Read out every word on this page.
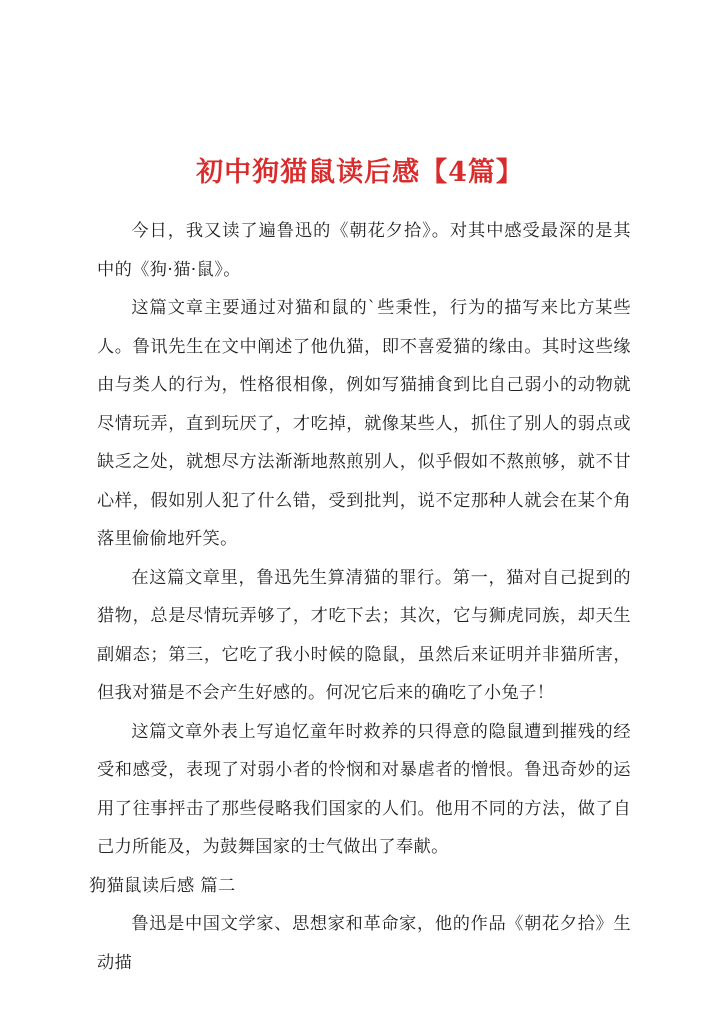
初中狗猫鼠读后感【4篇】

今日，我又读了遍鲁迅的《朝花夕拾》。对其中感受最深的是其中的《狗·猫·鼠》。

这篇文章主要通过对猫和鼠的`些秉性，行为的描写来比方某些人。鲁讯先生在文中阐述了他仇猫，即不喜爱猫的缘由。其时这些缘由与类人的行为，性格很相像，例如写猫捕食到比自己弱小的动物就尽情玩弄，直到玩厌了，才吃掉，就像某些人，抓住了别人的弱点或缺乏之处，就想尽方法渐渐地熬煎别人，似乎假如不熬煎够，就不甘心样，假如别人犯了什么错，受到批判，说不定那种人就会在某个角落里偷偷地歼笑。

在这篇文章里，鲁迅先生算清猫的罪行。第一，猫对自己捉到的猎物，总是尽情玩弄够了，才吃下去；其次，它与狮虎同族，却天生副媚态；第三，它吃了我小时候的隐鼠，虽然后来证明并非猫所害，但我对猫是不会产生好感的。何况它后来的确吃了小兔子！

这篇文章外表上写追忆童年时救养的只得意的隐鼠遭到摧残的经受和感受，表现了对弱小者的怜悯和对暴虐者的憎恨。鲁迅奇妙的运用了往事抨击了那些侵略我们国家的人们。他用不同的方法，做了自己力所能及，为鼓舞国家的士气做出了奉献。

狗猫鼠读后感 篇二

鲁迅是中国文学家、思想家和革命家，他的作品《朝花夕拾》生动描
